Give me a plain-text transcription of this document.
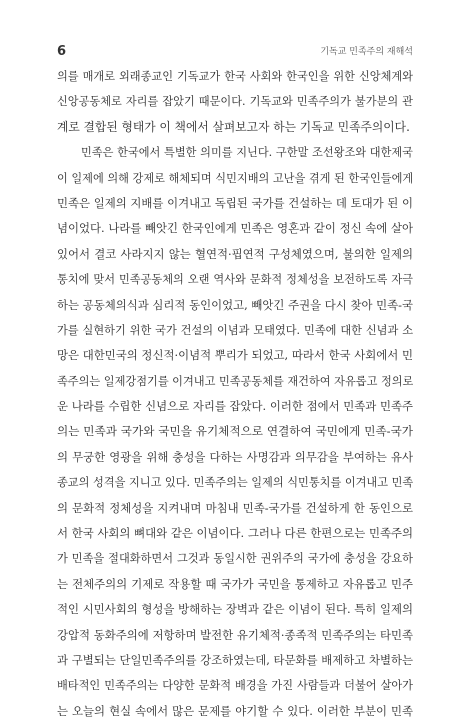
6	기독교 민족주의 재해석
의를 매개로 외래종교인 기독교가 한국 사회와 한국인을 위한 신앙체계와
신앙공동체로 자리를 잡았기 때문이다. 기독교와 민족주의가 불가분의 관
계로 결합된 형태가 이 책에서 살펴보고자 하는 기독교 민족주의이다.
민족은 한국에서 특별한 의미를 지닌다. 구한말 조선왕조와 대한제국
이 일제에 의해 강제로 해체되며 식민지배의 고난을 겪게 된 한국인들에게
민족은 일제의 지배를 이겨내고 독립된 국가를 건설하는 데 토대가 된 이
념이었다. 나라를 빼앗긴 한국인에게 민족은 영혼과 같이 정신 속에 살아
있어서 결코 사라지지 않는 혈연적·핍연적 구성체였으며, 불의한 일제의
통치에 맞서 민족공동체의 오랜 역사와 문화적 정체성을 보전하도록 자극
하는 공동체의식과 심리적 동인이었고, 빼앗긴 주권을 다시 찾아 민족-국
가를 실현하기 위한 국가 건설의 이념과 모태였다. 민족에 대한 신념과 소
망은 대한민국의 정신적·이념적 뿌리가 되었고, 따라서 한국 사회에서 민
족주의는 일제강점기를 이겨내고 민족공동체를 재건하여 자유롭고 정의로
운 나라를 수립한 신념으로 자리를 잡았다. 이러한 점에서 민족과 민족주
의는 민족과 국가와 국민을 유기체적으로 연결하여 국민에게 민족-국가
의 무궁한 영광을 위해 충성을 다하는 사명감과 의무감을 부여하는 유사
종교의 성격을 지니고 있다. 민족주의는 일제의 식민통치를 이겨내고 민족
의 문화적 정체성을 지켜내며 마침내 민족-국가를 건설하게 한 동인으로
서 한국 사회의 뼈대와 같은 이념이다. 그러나 다른 한편으로는 민족주의
가 민족을 절대화하면서 그것과 동일시한 권위주의 국가에 충성을 강요하
는 전체주의의 기제로 작용할 때 국가가 국민을 통제하고 자유롭고 민주
적인 시민사회의 형성을 방해하는 장벽과 같은 이념이 된다. 특히 일제의
강압적 동화주의에 저항하며 발전한 유기체적·종족적 민족주의는 타민족
과 구별되는 단일민족주의를 강조하였는데, 타문화를 배제하고 차별하는
배타적인 민족주의는 다양한 문화적 배경을 가진 사람들과 더불어 살아가
는 오늘의 현실 속에서 많은 문제를 야기할 수 있다. 이러한 부분이 민족
